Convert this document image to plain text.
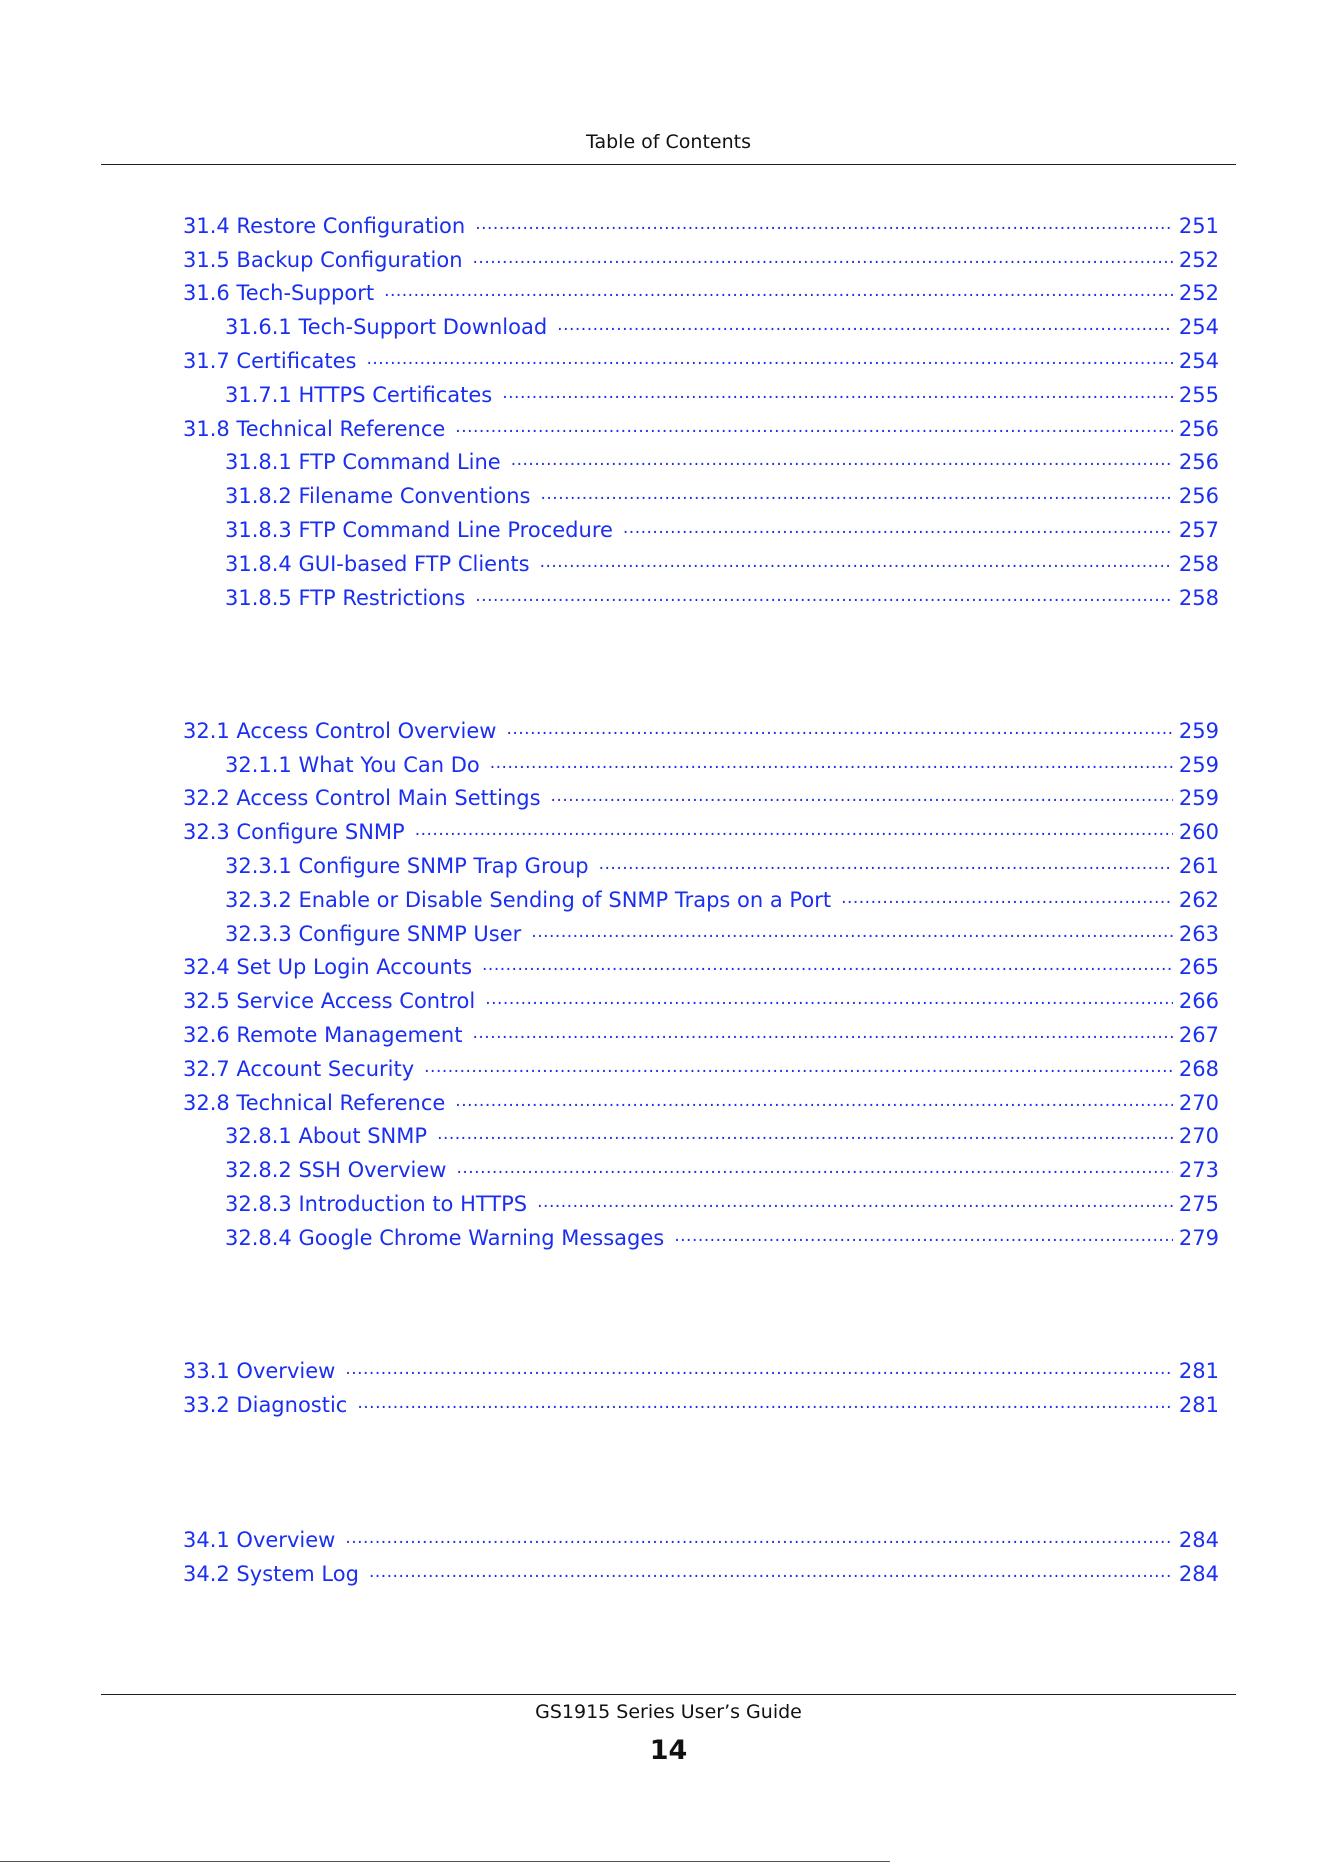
Table of Contents
31.4 Restore Configuration .....	251
31.5 Backup Configuration .....	252
31.6 Tech-Support .....	252
31.6.1 Tech-Support Download .....	254
31.7 Certificates .....	254
31.7.1 HTTPS Certificates .....	255
31.8 Technical Reference .....	256
31.8.1 FTP Command Line .....	256
31.8.2 Filename Conventions .....	256
31.8.3 FTP Command Line Procedure .....	257
31.8.4 GUI-based FTP Clients .....	258
31.8.5 FTP Restrictions .....	258
32.1 Access Control Overview .....	259
32.1.1 What You Can Do .....	259
32.2 Access Control Main Settings .....	259
32.3 Configure SNMP .....	260
32.3.1 Configure SNMP Trap Group .....	261
32.3.2 Enable or Disable Sending of SNMP Traps on a Port .....	262
32.3.3 Configure SNMP User .....	263
32.4 Set Up Login Accounts .....	265
32.5 Service Access Control .....	266
32.6 Remote Management .....	267
32.7 Account Security .....	268
32.8 Technical Reference .....	270
32.8.1 About SNMP .....	270
32.8.2 SSH Overview .....	273
32.8.3 Introduction to HTTPS .....	275
32.8.4 Google Chrome Warning Messages .....	279
33.1 Overview .....	281
33.2 Diagnostic .....	281
34.1 Overview .....	284
34.2 System Log .....	284
GS1915 Series User’s Guide
14
